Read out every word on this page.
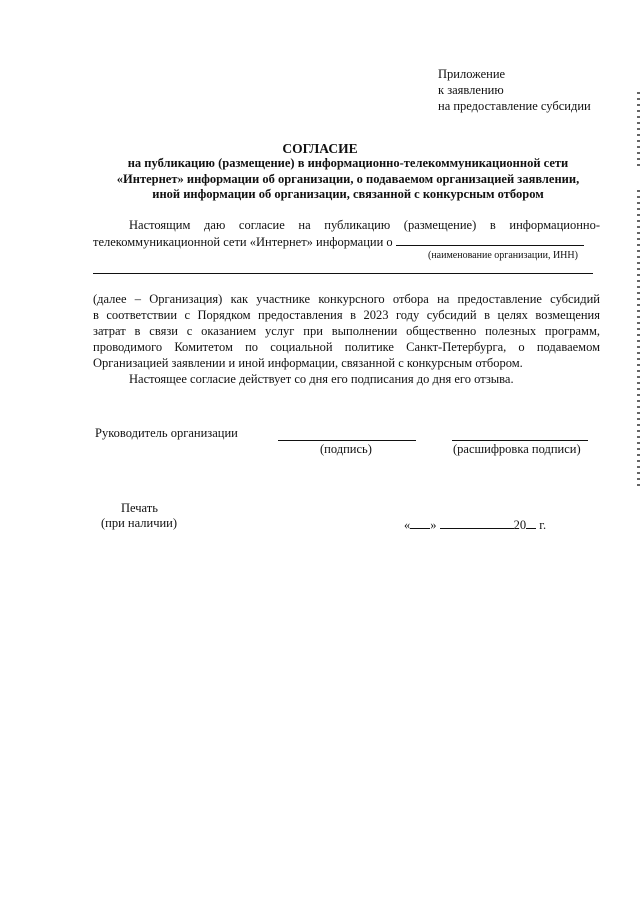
Приложение
к заявлению
на предоставление субсидии
СОГЛАСИЕ
на публикацию (размещение) в информационно-телекоммуникационной сети
«Интернет» информации об организации, о подаваемом организацией заявлении,
иной информации об организации, связанной с конкурсным отбором
Настоящим даю согласие на публикацию (размещение) в информационно-
телекоммуникационной сети «Интернет» информации о
(наименование организации, ИНН)
(далее – Организация) как участнике конкурсного отбора на предоставление субсидий
в соответствии с Порядком предоставления в 2023 году субсидий в целях возмещения
затрат в связи с оказанием услуг при выполнении общественно полезных программ,
проводимого Комитетом по социальной политике Санкт-Петербурга, о подаваемом
Организацией заявлении и иной информации, связанной с конкурсным отбором.
Настоящее согласие действует со дня его подписания до дня его отзыва.
Руководитель организации
(подпись)	(расшифровка подписи)
Печать
(при наличии)	« »	20 г.
